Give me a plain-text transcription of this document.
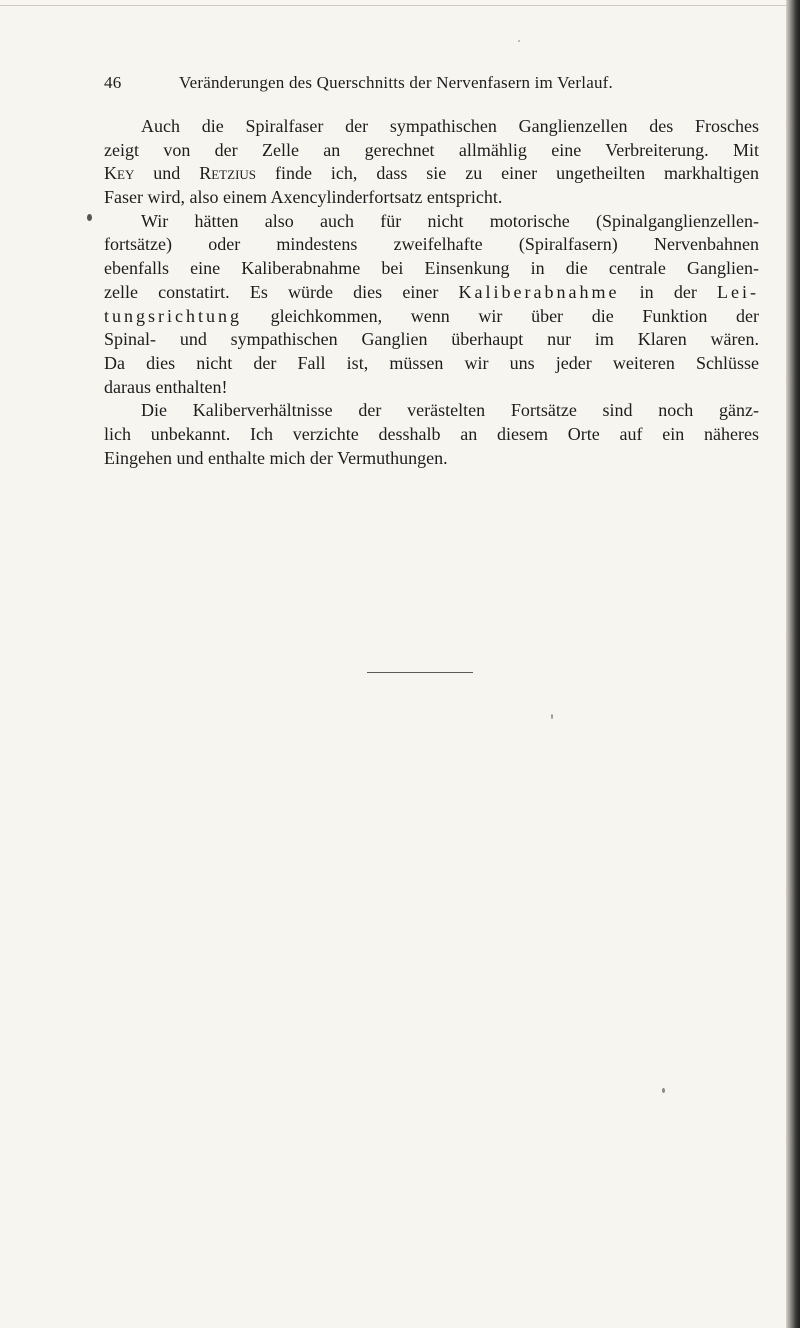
46	Veränderungen des Querschnitts der Nervenfasern im Verlauf.
Auch die Spiralfaser der sympathischen Ganglienzellen des Frosches
zeigt von der Zelle an gerechnet allmählig eine Verbreiterung. Mit
Key und Retzius finde ich, dass sie zu einer ungetheilten markhaltigen
Faser wird, also einem Axencylinderfortsatz entspricht.
Wir hätten also auch für nicht motorische (Spinalganglienzellen-
fortsätze) oder mindestens zweifelhafte (Spiralfasern) Nervenbahnen
ebenfalls eine Kaliberabnahme bei Einsenkung in die centrale Ganglien-
zelle constatirt. Es würde dies einer Kaliberabnahme in der Lei-
tungsrichtung gleichkommen, wenn wir über die Funktion der
Spinal- und sympathischen Ganglien überhaupt nur im Klaren wären.
Da dies nicht der Fall ist, müssen wir uns jeder weiteren Schlüsse
daraus enthalten!
Die Kaliberverhältnisse der verästelten Fortsätze sind noch gänz-
lich unbekannt. Ich verzichte desshalb an diesem Orte auf ein näheres
Eingehen und enthalte mich der Vermuthungen.
